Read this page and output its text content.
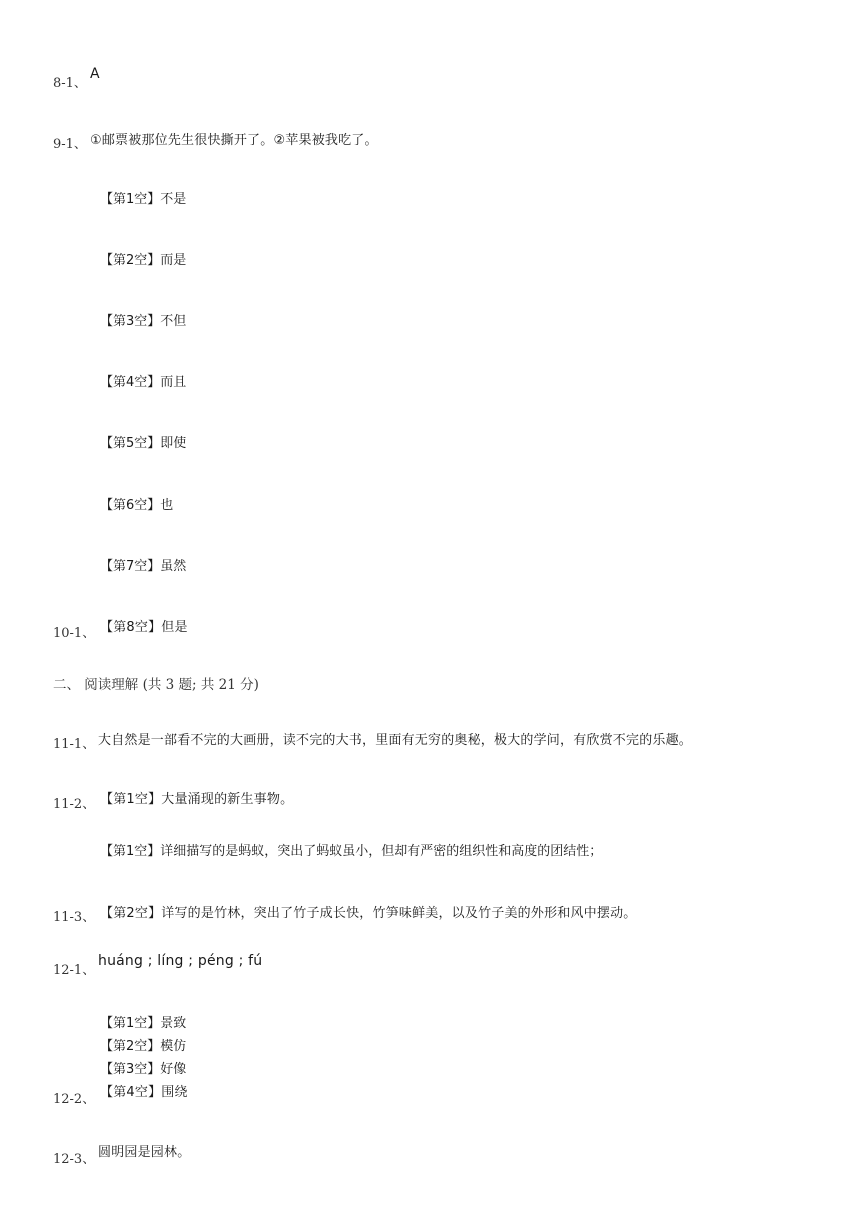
8-1、
A
9-1、 ①邮票被那位先生很快撕开了。②苹果被我吃了。
【第1空】不是
【第2空】而是
【第3空】不但
【第4空】而且
【第5空】即使
【第6空】也
【第7空】虽然
10-1、 【第8空】但是
二、 阅读理解 (共 3 题; 共 21 分)
11-1、 大自然是一部看不完的大画册，读不完的大书，里面有无穷的奥秘，极大的学问，有欣赏不完的乐趣。
11-2、 【第1空】大量涌现的新生事物。
【第1空】详细描写的是蚂蚁，突出了蚂蚁虽小，但却有严密的组织性和高度的团结性；
11-3、 【第2空】详写的是竹林，突出了竹子成长快，竹笋味鲜美，以及竹子美的外形和风中摆动。
12-1、
huáng ; líng ; péng ; fú
【第1空】景致
【第2空】模仿
【第3空】好像
12-2、 【第4空】围绕
12-3、 圆明园是园林。
